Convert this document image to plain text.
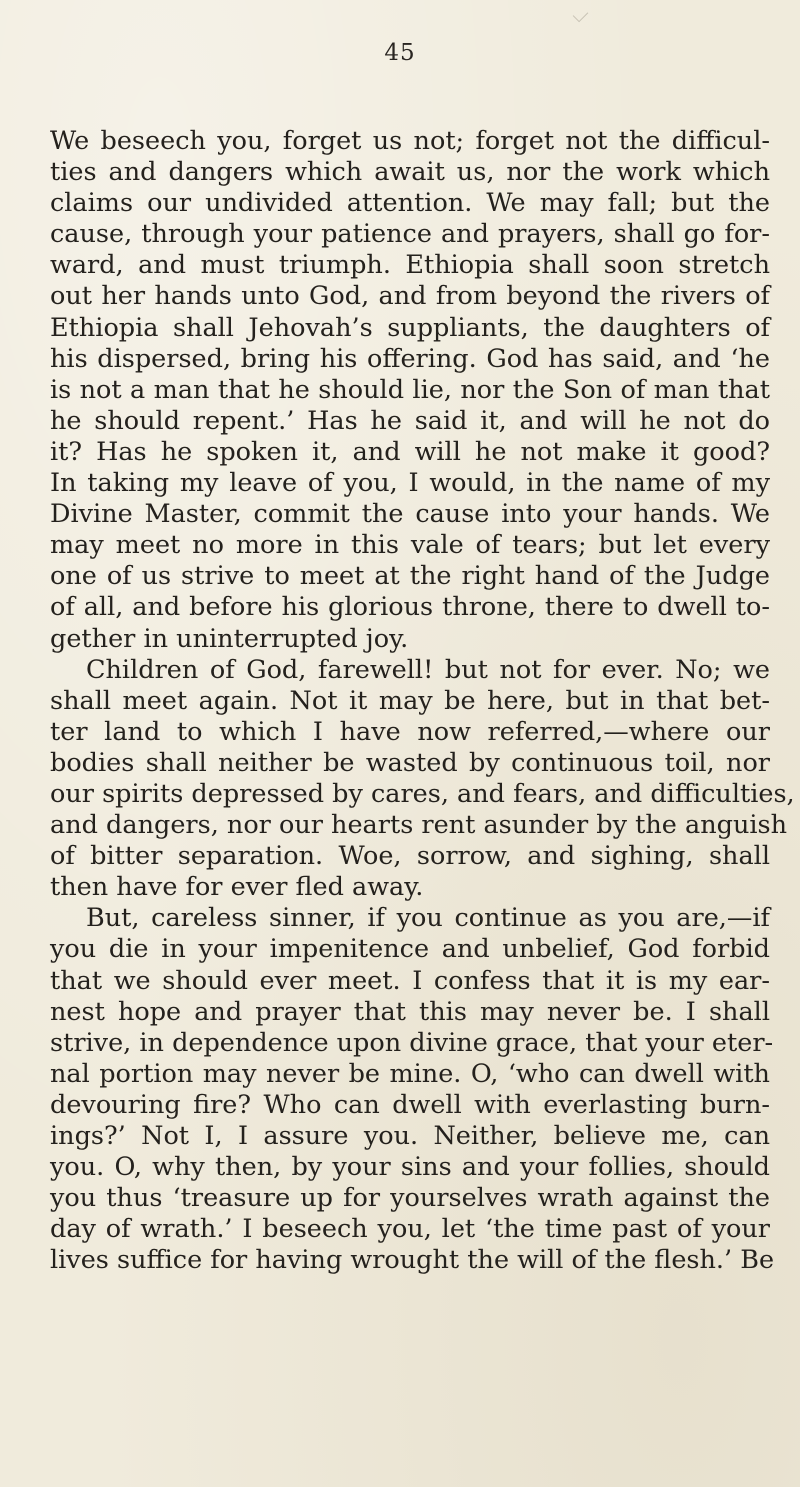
45
We beseech you, forget us not; forget not the difficul-
ties and dangers which await us, nor the work which
claims our undivided attention. We may fall; but the
cause, through your patience and prayers, shall go for-
ward, and must triumph. Ethiopia shall soon stretch
out her hands unto God, and from beyond the rivers of
Ethiopia shall Jehovah’s suppliants, the daughters of
his dispersed, bring his offering. God has said, and ‘he
is not a man that he should lie, nor the Son of man that
he should repent.’ Has he said it, and will he not do
it? Has he spoken it, and will he not make it good?
In taking my leave of you, I would, in the name of my
Divine Master, commit the cause into your hands. We
may meet no more in this vale of tears; but let every
one of us strive to meet at the right hand of the Judge
of all, and before his glorious throne, there to dwell to-
gether in uninterrupted joy.
Children of God, farewell! but not for ever. No; we
shall meet again. Not it may be here, but in that bet-
ter land to which I have now referred,—where our
bodies shall neither be wasted by continuous toil, nor
our spirits depressed by cares, and fears, and difficulties,
and dangers, nor our hearts rent asunder by the anguish
of bitter separation. Woe, sorrow, and sighing, shall
then have for ever fled away.
But, careless sinner, if you continue as you are,—if
you die in your impenitence and unbelief, God forbid
that we should ever meet. I confess that it is my ear-
nest hope and prayer that this may never be. I shall
strive, in dependence upon divine grace, that your eter-
nal portion may never be mine. O, ‘who can dwell with
devouring fire? Who can dwell with everlasting burn-
ings?’ Not I, I assure you. Neither, believe me, can
you. O, why then, by your sins and your follies, should
you thus ‘treasure up for yourselves wrath against the
day of wrath.’ I beseech you, let ‘the time past of your
lives suffice for having wrought the will of the flesh.’ Be
